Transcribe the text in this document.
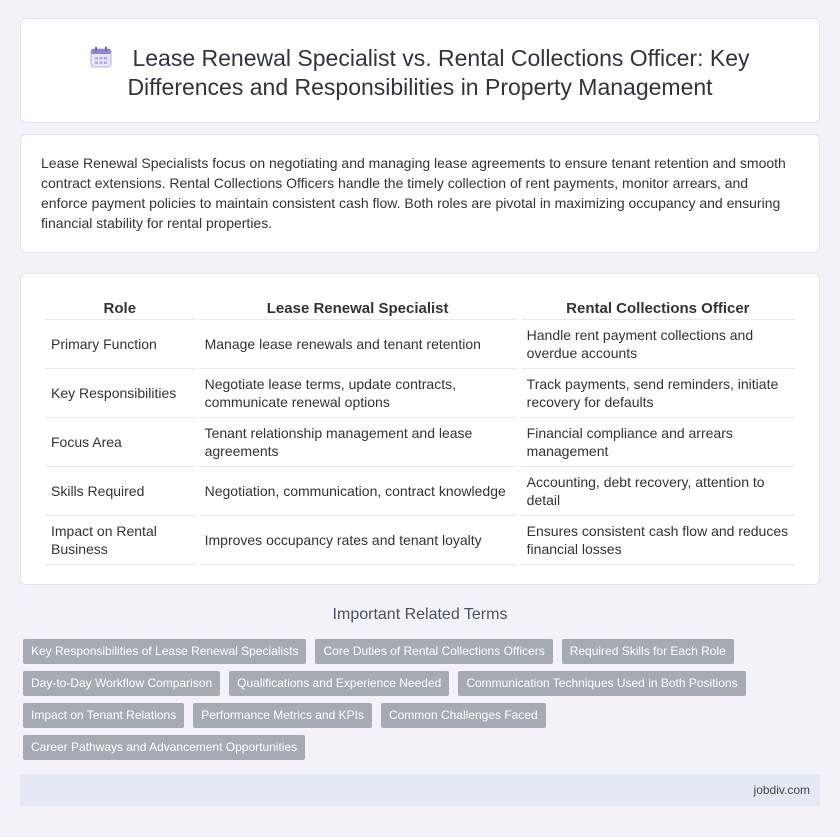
Lease Renewal Specialist vs. Rental Collections Officer: Key
Differences and Responsibilities in Property Management

Lease Renewal Specialists focus on negotiating and managing lease agreements to ensure tenant retention and smooth contract extensions. Rental Collections Officers handle the timely collection of rent payments, monitor arrears, and enforce payment policies to maintain consistent cash flow. Both roles are pivotal in maximizing occupancy and ensuring financial stability for rental properties.

Role	Lease Renewal Specialist	Rental Collections Officer
Primary Function	Manage lease renewals and tenant retention	Handle rent payment collections and overdue accounts
Key Responsibilities	Negotiate lease terms, update contracts, communicate renewal options	Track payments, send reminders, initiate recovery for defaults
Focus Area	Tenant relationship management and lease agreements	Financial compliance and arrears management
Skills Required	Negotiation, communication, contract knowledge	Accounting, debt recovery, attention to detail
Impact on Rental Business	Improves occupancy rates and tenant loyalty	Ensures consistent cash flow and reduces financial losses
Important Related Terms
Key Responsibilities of Lease Renewal Specialists	Core Duties of Rental Collections Officers	Required Skills for Each Role
Day-to-Day Workflow Comparison	Qualifications and Experience Needed	Communication Techniques Used in Both Positions
Impact on Tenant Relations	Performance Metrics and KPIs	Common Challenges Faced
Career Pathways and Advancement Opportunities
jobdiv.com
